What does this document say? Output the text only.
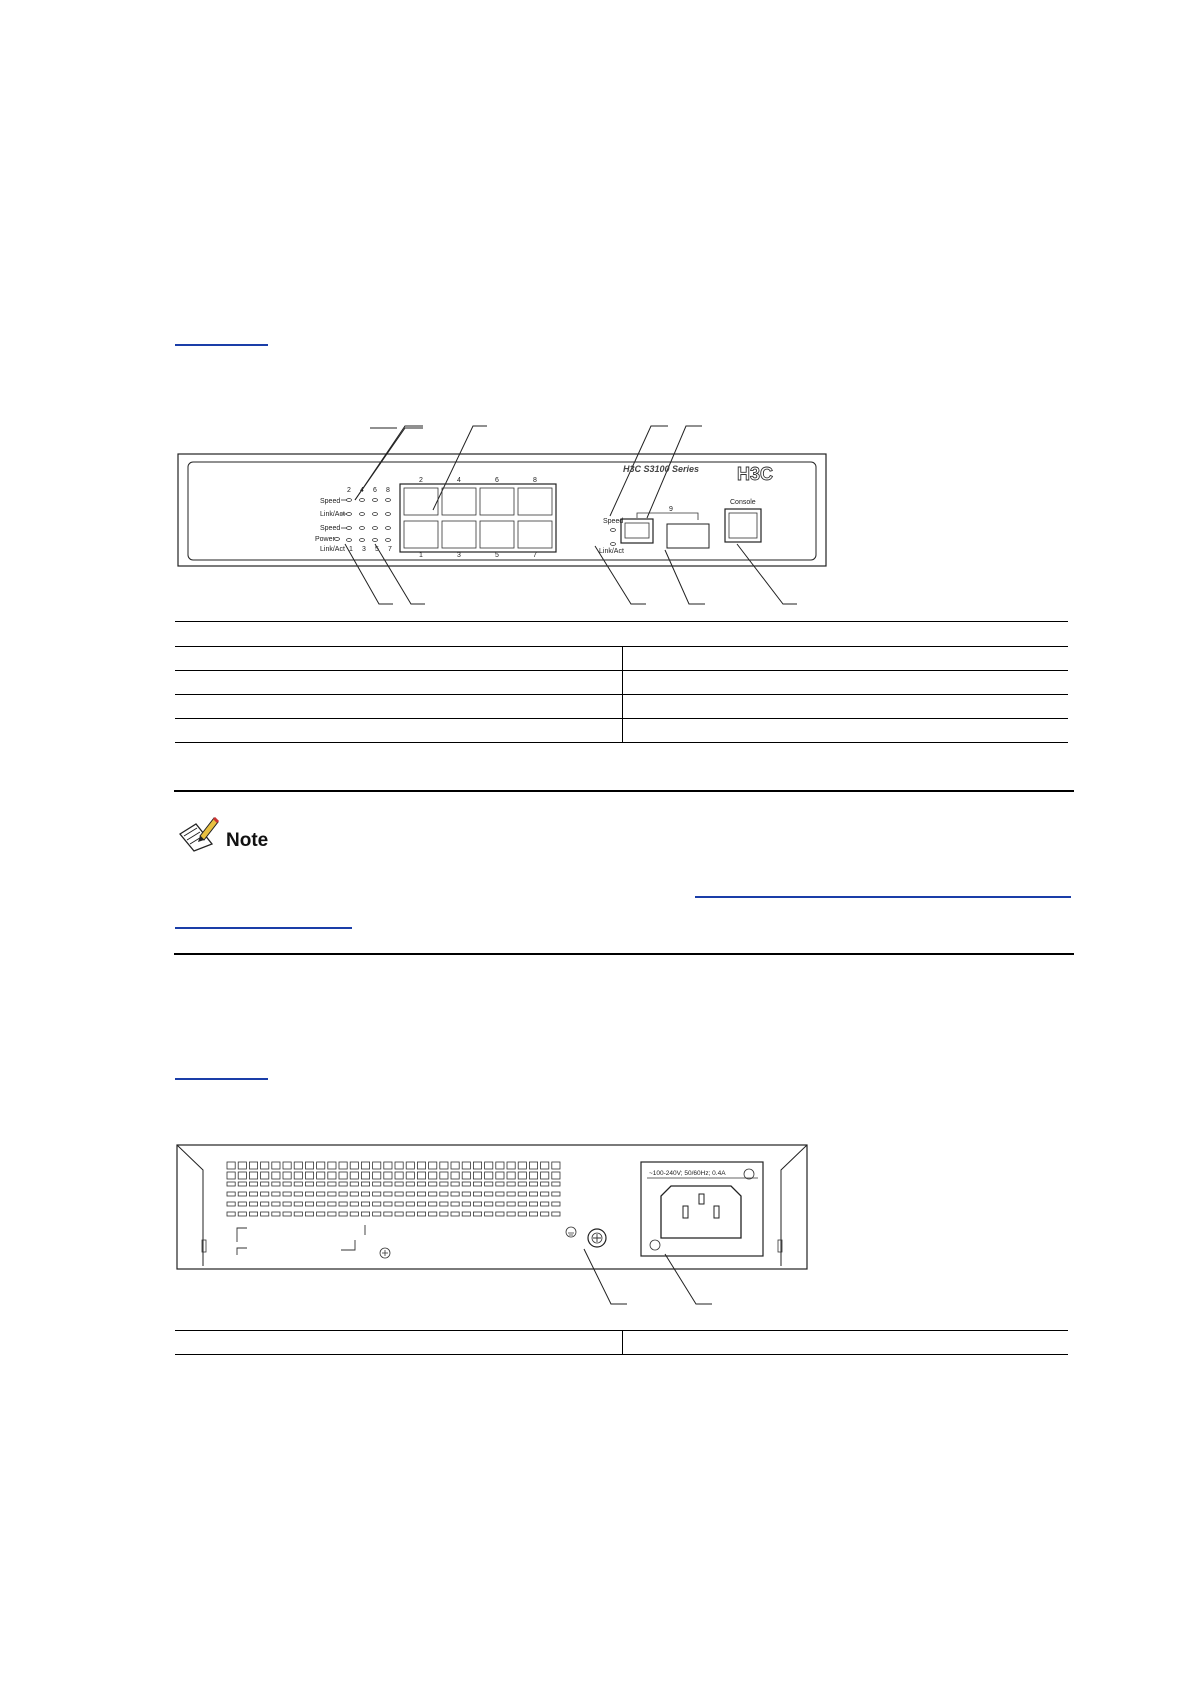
Speed
Link/Act
Speed
Power
Link/Act
2 4 6 8
1 3 5 7
2	4	6	8
1	3	5	7
H3C S3100 Series H3C
Speed
Link/Act
9
Console
Note
~100-240V; 50/60Hz; 0.4A
